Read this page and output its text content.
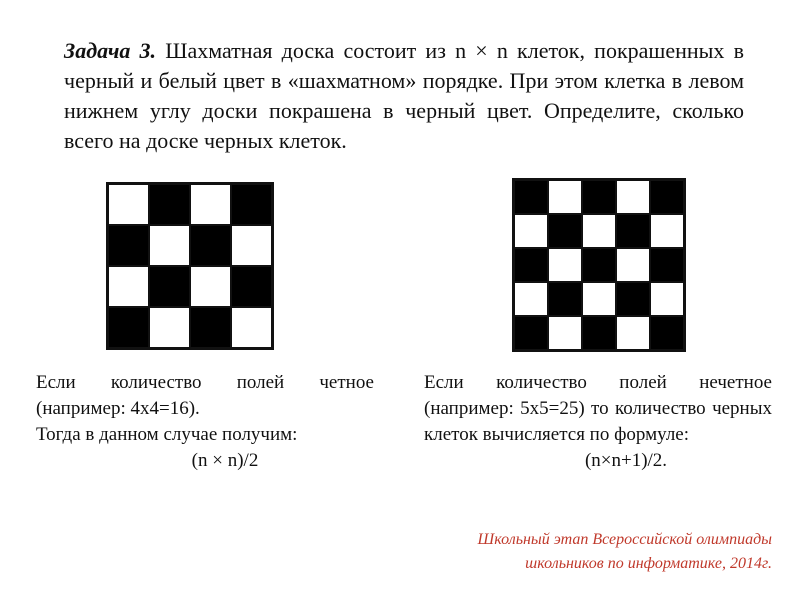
Задача 3. Шахматная доска состоит из n × n клеток, покрашенных в черный и белый цвет в «шахматном» порядке. При этом клетка в левом нижнем углу доски покрашена в черный цвет. Определите, сколько всего на доске черных клеток.
Если количество полей четное (например: 4х4=16).
Тогда в данном случае получим:
(n × n)/2
Если количество полей нечетное (например: 5х5=25) то количество черных клеток вычисляется по формуле:
(n×n+1)/2.
Школьный этап Всероссийской олимпиады
школьников по информатике, 2014г.
